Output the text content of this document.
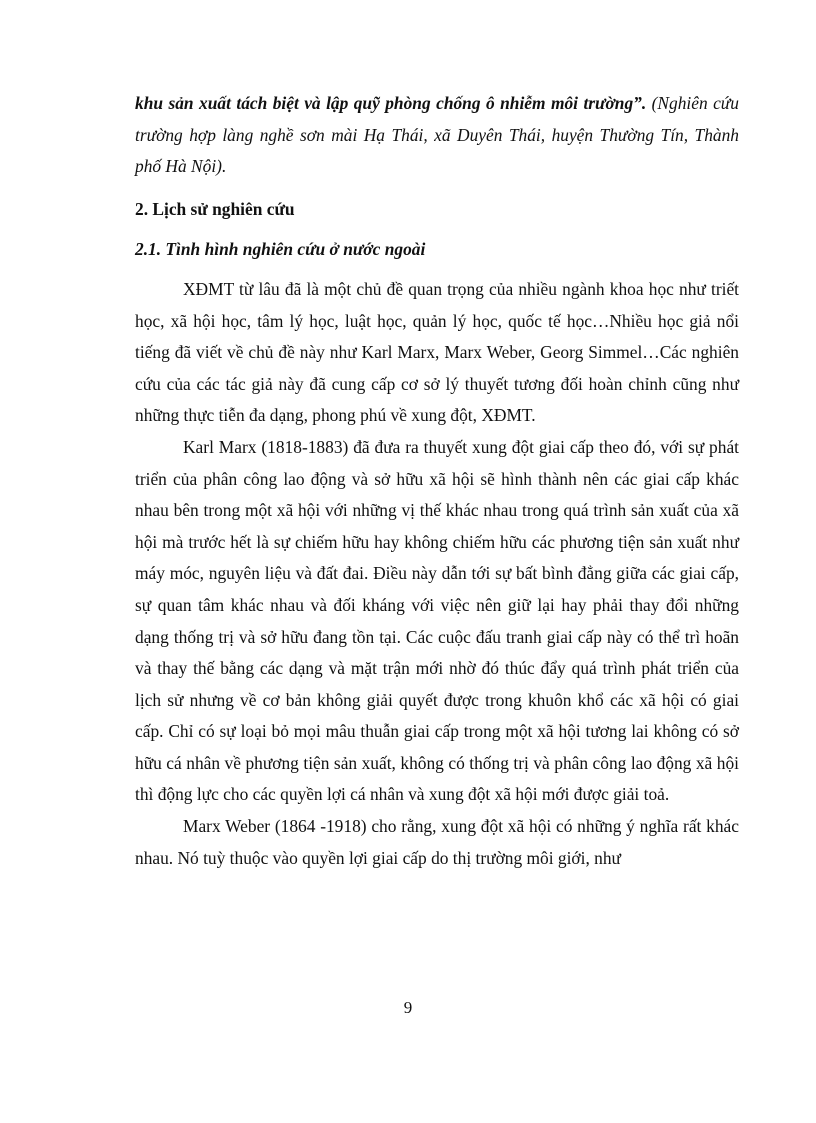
khu sản xuất tách biệt và lập quỹ phòng chống ô nhiễm môi trường”. (Nghiên cứu trường hợp làng nghề sơn mài Hạ Thái, xã Duyên Thái, huyện Thường Tín, Thành phố Hà Nội).

2. Lịch sử nghiên cứu

2.1. Tình hình nghiên cứu ở nước ngoài

XĐMT từ lâu đã là một chủ đề quan trọng của nhiều ngành khoa học như triết học, xã hội học, tâm lý học, luật học, quản lý học, quốc tế học…Nhiều học giả nổi tiếng đã viết về chủ đề này như Karl Marx, Marx Weber, Georg Simmel…Các nghiên cứu của các tác giả này đã cung cấp cơ sở lý thuyết tương đối hoàn chỉnh cũng như những thực tiễn đa dạng, phong phú về xung đột, XĐMT.

Karl Marx (1818-1883) đã đưa ra thuyết xung đột giai cấp theo đó, với sự phát triển của phân công lao động và sở hữu xã hội sẽ hình thành nên các giai cấp khác nhau bên trong một xã hội với những vị thế khác nhau trong quá trình sản xuất của xã hội mà trước hết là sự chiếm hữu hay không chiếm hữu các phương tiện sản xuất như máy móc, nguyên liệu và đất đai. Điều này dẫn tới sự bất bình đẳng giữa các giai cấp, sự quan tâm khác nhau và đối kháng với việc nên giữ lại hay phải thay đổi những dạng thống trị và sở hữu đang tồn tại. Các cuộc đấu tranh giai cấp này có thể trì hoãn và thay thế bằng các dạng và mặt trận mới nhờ đó thúc đẩy quá trình phát triển của lịch sử nhưng về cơ bản không giải quyết được trong khuôn khổ các xã hội có giai cấp. Chỉ có sự loại bỏ mọi mâu thuẫn giai cấp trong một xã hội tương lai không có sở hữu cá nhân về phương tiện sản xuất, không có thống trị và phân công lao động xã hội thì động lực cho các quyền lợi cá nhân và xung đột xã hội mới được giải toả.

Marx Weber (1864 -1918) cho rằng, xung đột xã hội có những ý nghĩa rất khác nhau. Nó tuỳ thuộc vào quyền lợi giai cấp do thị trường môi giới, như

9
